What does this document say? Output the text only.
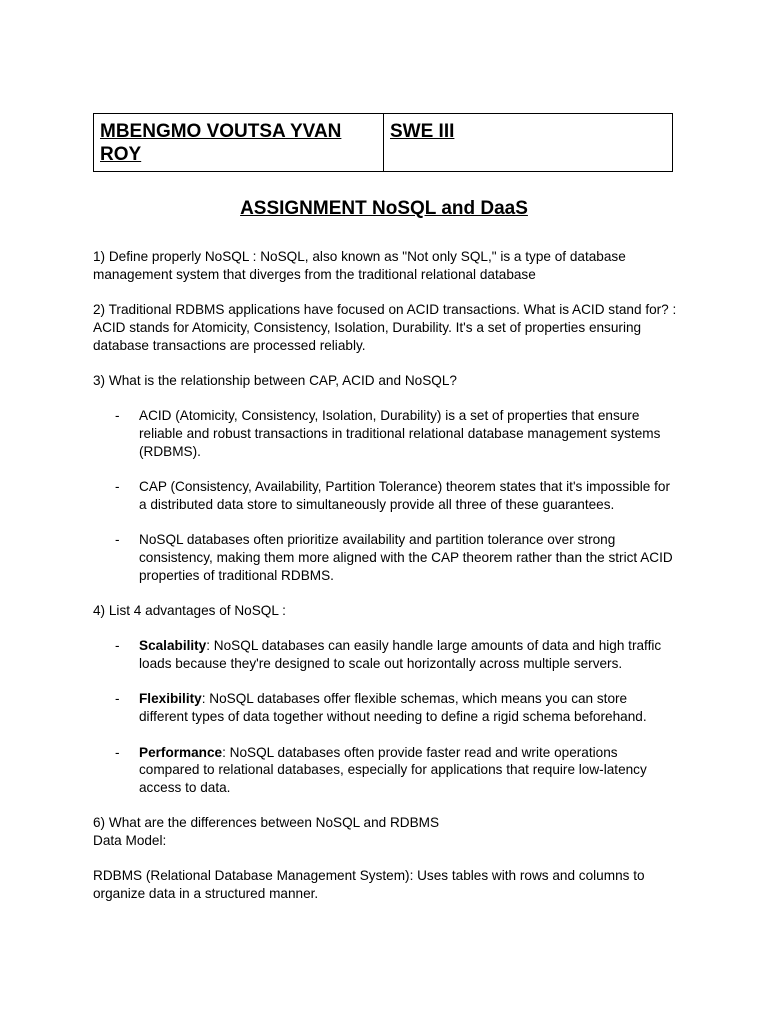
MBENGMO VOUTSA YVAN ROY
SWE III
ASSIGNMENT NoSQL and DaaS

1) Define properly NoSQL : NoSQL, also known as "Not only SQL," is a type of database management system that diverges from the traditional relational database

2) Traditional RDBMS applications have focused on ACID transactions. What is ACID stand for? : ACID stands for Atomicity, Consistency, Isolation, Durability. It's a set of properties ensuring database transactions are processed reliably.

3) What is the relationship between CAP, ACID and NoSQL?

- ACID (Atomicity, Consistency, Isolation, Durability) is a set of properties that ensure reliable and robust transactions in traditional relational database management systems (RDBMS).
- CAP (Consistency, Availability, Partition Tolerance) theorem states that it's impossible for a distributed data store to simultaneously provide all three of these guarantees.
- NoSQL databases often prioritize availability and partition tolerance over strong consistency, making them more aligned with the CAP theorem rather than the strict ACID properties of traditional RDBMS.

4) List 4 advantages of NoSQL :

- Scalability: NoSQL databases can easily handle large amounts of data and high traffic loads because they're designed to scale out horizontally across multiple servers.
- Flexibility: NoSQL databases offer flexible schemas, which means you can store different types of data together without needing to define a rigid schema beforehand.
- Performance: NoSQL databases often provide faster read and write operations compared to relational databases, especially for applications that require low-latency access to data.

6) What are the differences between NoSQL and RDBMS

Data Model:

RDBMS (Relational Database Management System): Uses tables with rows and columns to organize data in a structured manner.
